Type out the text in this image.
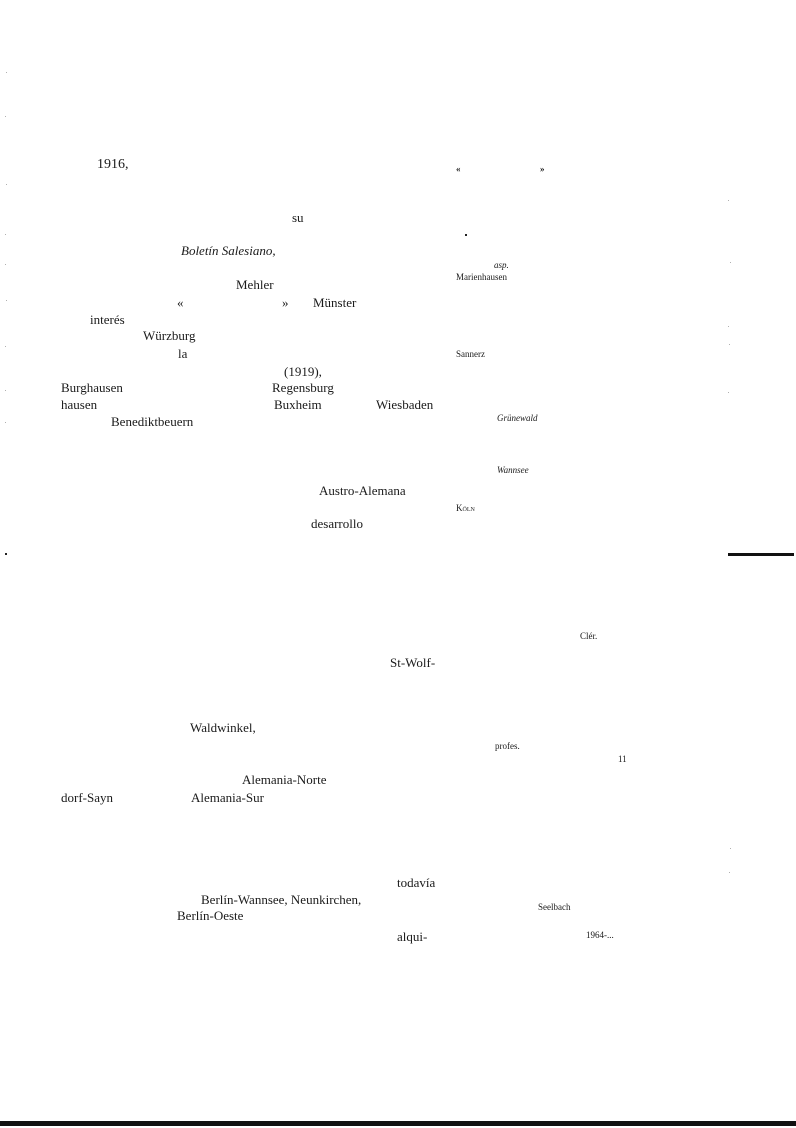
1916,
su
Boletín Salesiano,
Mehler
«	» Münster
interés
Würzburg
la
(1919),
Burghausen	Regensburg
hausen	Buxheim	Wiesbaden
Benediktbeuern
Austro-Alemana
desarrollo
St-Wolf-
Waldwinkel,
Alemania-Norte
dorf-Sayn	Alemania-Sur
todavía
Berlín-Wannsee, Neunkirchen,
Berlín-Oeste
alqui-
«	»
asp.
Marienhausen
Sannerz
Grünewald
Wannsee
Köln
Clér.
profes.
11
Seelbach
1964-...
